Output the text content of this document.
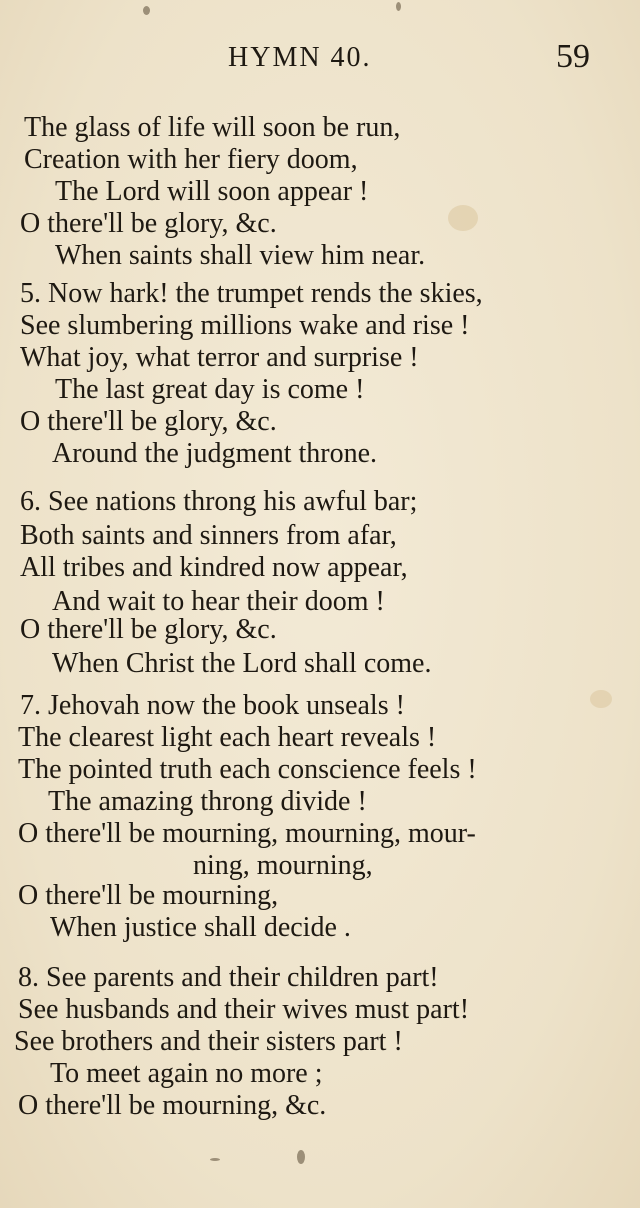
HYMN 40.	59
The glass of life will soon be run,
Creation with her fiery doom,
The Lord will soon appear !
O there'll be glory, &c.
When saints shall view him near.
5. Now hark! the trumpet rends the skies,
See slumbering millions wake and rise !
What joy, what terror and surprise !
The last great day is come !
O there'll be glory, &c.
Around the judgment throne.
6. See nations throng his awful bar;
Both saints and sinners from afar,
All tribes and kindred now appear,
And wait to hear their doom !
O there'll be glory, &c.
When Christ the Lord shall come.
7. Jehovah now the book unseals !
The clearest light each heart reveals !
The pointed truth each conscience feels !
The amazing throng divide !
O there'll be mourning, mourning, mour-
ning, mourning,
O there'll be mourning,
When justice shall decide .
8. See parents and their children part!
See husbands and their wives must part!
See brothers and their sisters part !
To meet again no more ;
O there'll be mourning, &c.
